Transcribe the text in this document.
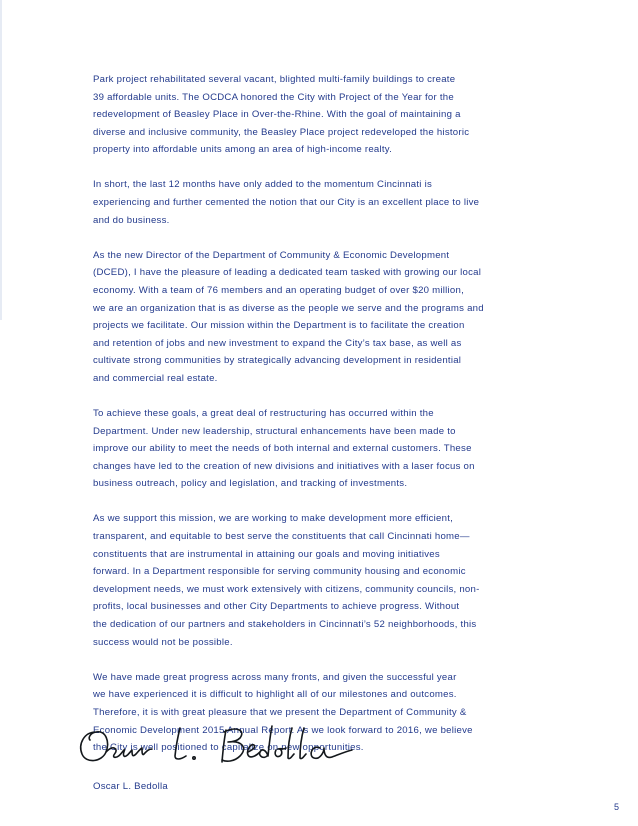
Park project rehabilitated several vacant, blighted multi-family buildings to create
39 affordable units. The OCDCA honored the City with Project of the Year for the
redevelopment of Beasley Place in Over-the-Rhine. With the goal of maintaining a
diverse and inclusive community, the Beasley Place project redeveloped the historic
property into affordable units among an area of high-income realty.

In short, the last 12 months have only added to the momentum Cincinnati is
experiencing and further cemented the notion that our City is an excellent place to live
and do business.

As the new Director of the Department of Community & Economic Development
(DCED), I have the pleasure of leading a dedicated team tasked with growing our local
economy. With a team of 76 members and an operating budget of over $20 million,
we are an organization that is as diverse as the people we serve and the programs and
projects we facilitate. Our mission within the Department is to facilitate the creation
and retention of jobs and new investment to expand the City’s tax base, as well as
cultivate strong communities by strategically advancing development in residential
and commercial real estate.

To achieve these goals, a great deal of restructuring has occurred within the
Department. Under new leadership, structural enhancements have been made to
improve our ability to meet the needs of both internal and external customers. These
changes have led to the creation of new divisions and initiatives with a laser focus on
business outreach, policy and legislation, and tracking of investments.

As we support this mission, we are working to make development more efficient,
transparent, and equitable to best serve the constituents that call Cincinnati home—
constituents that are instrumental in attaining our goals and moving initiatives
forward. In a Department responsible for serving community housing and economic
development needs, we must work extensively with citizens, community councils, non-
profits, local businesses and other City Departments to achieve progress. Without
the dedication of our partners and stakeholders in Cincinnati’s 52 neighborhoods, this
success would not be possible.

We have made great progress across many fronts, and given the successful year
we have experienced it is difficult to highlight all of our milestones and outcomes.
Therefore, it is with great pleasure that we present the Department of Community &
Economic Development 2015 Annual Report. As we look forward to 2016, we believe
the City is well positioned to capitalize on new opportunities.

Oscar L. Bedolla
5
